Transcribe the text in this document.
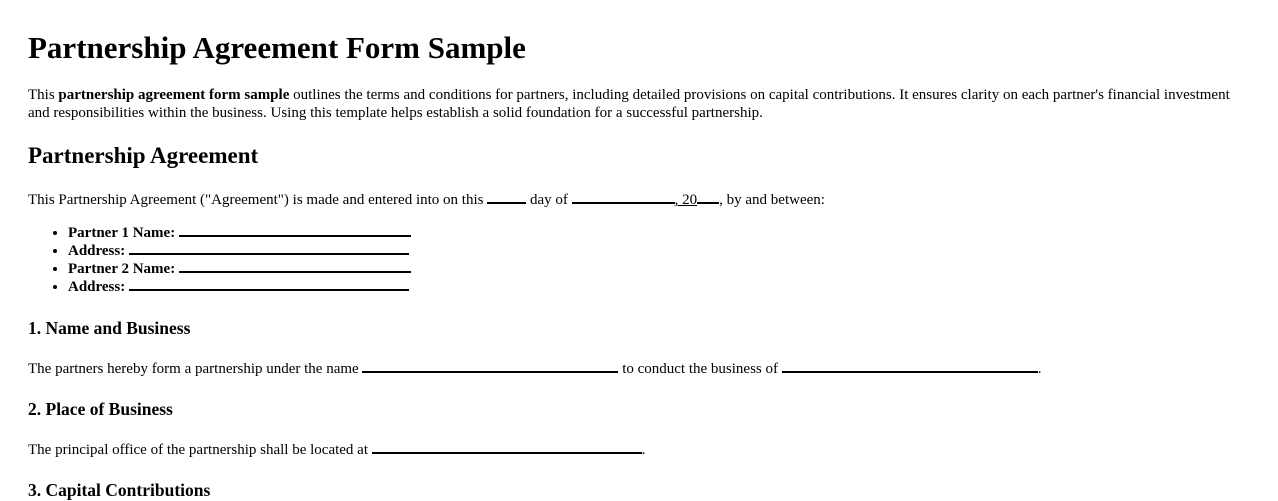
Partnership Agreement Form Sample

This partnership agreement form sample outlines the terms and conditions for partners, including detailed provisions on capital contributions. It ensures clarity on each partner's financial investment and responsibilities within the business. Using this template helps establish a solid foundation for a successful partnership.

Partnership Agreement

This Partnership Agreement ("Agreement") is made and entered into on this	day of	, 20 , by and between:

• Partner 1 Name:
• Address:
• Partner 2 Name:
• Address:
1. Name and Business

The partners hereby form a partnership under the name	to conduct the business of	.

2. Place of Business

The principal office of the partnership shall be located at	.

3. Capital Contributions
